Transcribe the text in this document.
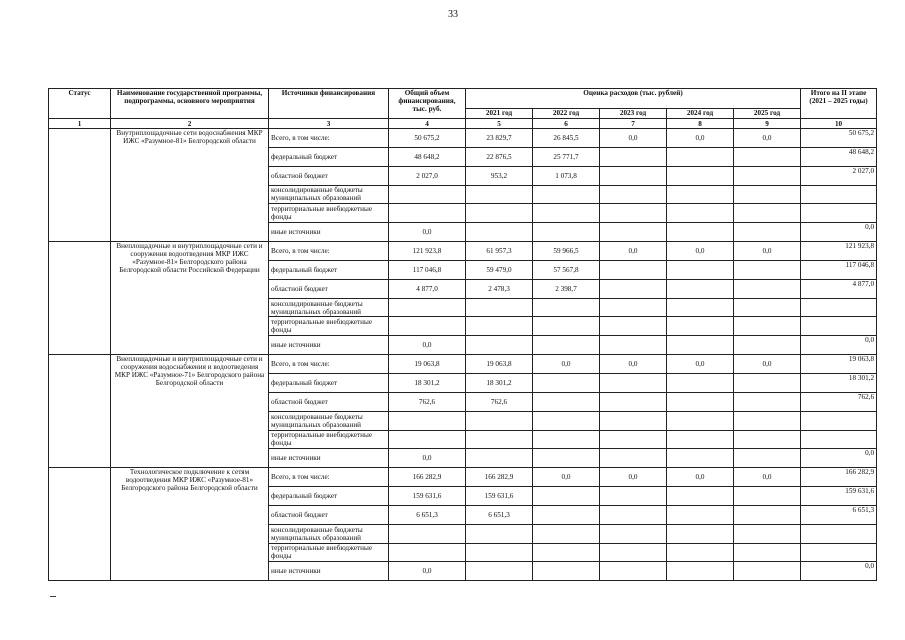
33
Статус	Наименование государственной программы, подпрограммы, основного мероприятия	Источники финансирования	Общий объем финансирования, тыс. руб.	Оценка расходов (тыс. рублей)					Итого на II этапе (2021 – 2025 годы)
				2021 год	2022 год	2023 год	2024 год	2025 год	
1	2	3	4	5	6	7	8	9	10
	Внутриплощадочные сети водоснабжения МКР ИЖС «Разумное-81» Белгородской области	Всего, в том числе:	50 675,2	23 829,7	26 845,5	0,0	0,0	0,0	50 675,2
		федеральный бюджет	48 648,2	22 876,5	25 771,7				48 648,2
		областной бюджет	2 027,0	953,2	1 073,8				2 027,0
		консолидированные бюджеты муниципальных образований							
		территориальные внебюджетные фонды							
		иные источники	0,0						0,0
	Внеплощадочные и внутриплощадочные сети и сооружения водоотведения МКР ИЖС «Разумное-81» Белгородского района Белгородской области Российской Федерации	Всего, в том числе:	121 923,8	61 957,3	59 966,5	0,0	0,0	0,0	121 923,8
		федеральный бюджет	117 046,8	59 479,0	57 567,8				117 046,8
		областной бюджет	4 877,0	2 478,3	2 398,7				4 877,0
		консолидированные бюджеты муниципальных образований							
		территориальные внебюджетные фонды							
		иные источники	0,0						0,0
	Внеплощадочные и внутриплощадочные сети и сооружения водоснабжения и водоотведения МКР ИЖС «Разумное-71» Белгородского района Белгородской области	Всего, в том числе:	19 063,8	19 063,8	0,0	0,0	0,0	0,0	19 063,8
		федеральный бюджет	18 301,2	18 301,2					18 301,2
		областной бюджет	762,6	762,6					762,6
		консолидированные бюджеты муниципальных образований							
		территориальные внебюджетные фонды							
		иные источники	0,0						0,0
	Технологическое подключение к сетям водоотведения МКР ИЖС «Разумное-81» Белгородского района Белгородской области	Всего, в том числе:	166 282,9	166 282,9	0,0	0,0	0,0	0,0	166 282,9
		федеральный бюджет	159 631,6	159 631,6					159 631,6
		областной бюджет	6 651,3	6 651,3					6 651,3
		консолидированные бюджеты муниципальных образований							
		территориальные внебюджетные фонды							
		иные источники	0,0						0,0
